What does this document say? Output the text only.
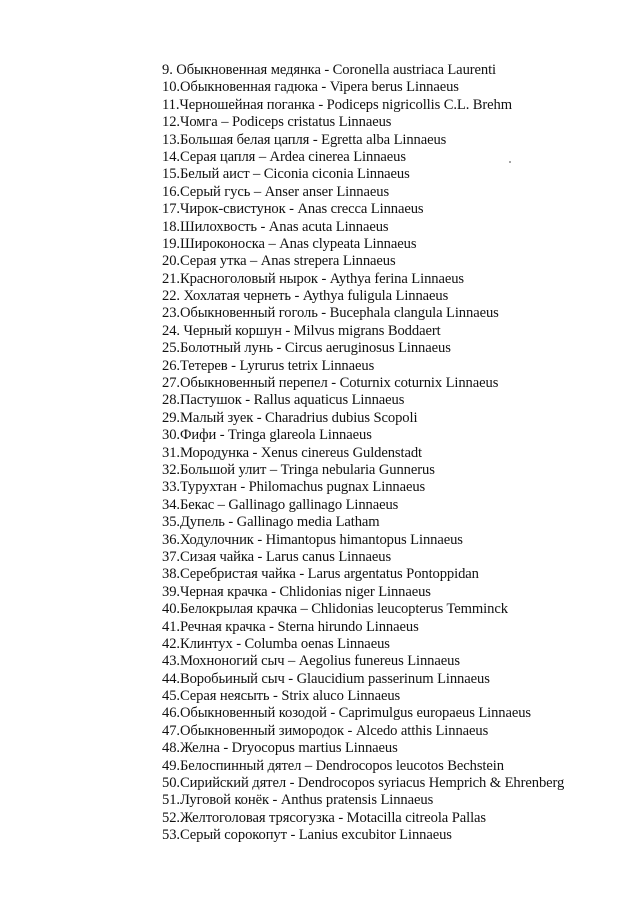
9. Обыкновенная медянка - Coronella austriaca Laurenti
10.Обыкновенная гадюка - Vipera berus Linnaeus
11.Черношейная поганка - Podiceps nigricollis C.L. Brehm
12.Чомга – Podiceps cristatus Linnaeus
13.Большая белая цапля - Egretta alba Linnaeus
14.Серая цапля – Ardea cinerea Linnaeus
15.Белый аист – Ciconia ciconia Linnaeus
16.Серый гусь – Anser anser Linnaeus
17.Чирок-свистунок - Anas crecca Linnaeus
18.Шилохвость - Anas acuta Linnaeus
19.Широконоска – Anas clypeata Linnaeus
20.Серая утка – Anas strepera Linnaeus
21.Красноголовый нырок - Aythya ferina Linnaeus
22. Хохлатая чернеть - Aythya fuligula Linnaeus
23.Обыкновенный гоголь - Bucephala clangula Linnaeus
24. Черный коршун - Milvus migrans Boddaert
25.Болотный лунь - Circus aeruginosus Linnaeus
26.Тетерев - Lyrurus tetrix Linnaeus
27.Обыкновенный перепел - Coturnix coturnix Linnaeus
28.Пастушок - Rallus aquaticus Linnaeus
29.Малый зуек - Charadrius dubius Scopoli
30.Фифи - Tringa glareola Linnaeus
31.Мородунка - Xenus cinereus Guldenstadt
32.Большой улит – Tringa nebularia Gunnerus
33.Турухтан - Philomachus pugnax Linnaeus
34.Бекас – Gallinago gallinago Linnaeus
35.Дупель - Gallinago media Latham
36.Ходулочник - Himantopus himantopus Linnaeus
37.Сизая чайка - Larus canus Linnaeus
38.Серебристая чайка - Larus argentatus Pontoppidan
39.Черная крачка - Chlidonias niger Linnaeus
40.Белокрылая крачка – Chlidonias leucopterus Temminck
41.Речная крачка - Sterna hirundo Linnaeus
42.Клинтух - Columba oenas Linnaeus
43.Мохноногий сыч – Aegolius funereus Linnaeus
44.Воробьиный сыч - Glaucidium passerinum Linnaeus
45.Серая неясыть - Strix aluco Linnaeus
46.Обыкновенный козодой - Caprimulgus europaeus Linnaeus
47.Обыкновенный зимородок - Alcedo atthis Linnaeus
48.Желна - Dryocopus martius Linnaeus
49.Белоспинный дятел – Dendrocopos leucotos Bechstein
50.Сирийский дятел - Dendrocopos syriacus Hemprich & Ehrenberg
51.Луговой конёк - Anthus pratensis Linnaeus
52.Желтоголовая трясогузка - Motacilla citreola Pallas
53.Серый сорокопут - Lanius excubitor Linnaeus
